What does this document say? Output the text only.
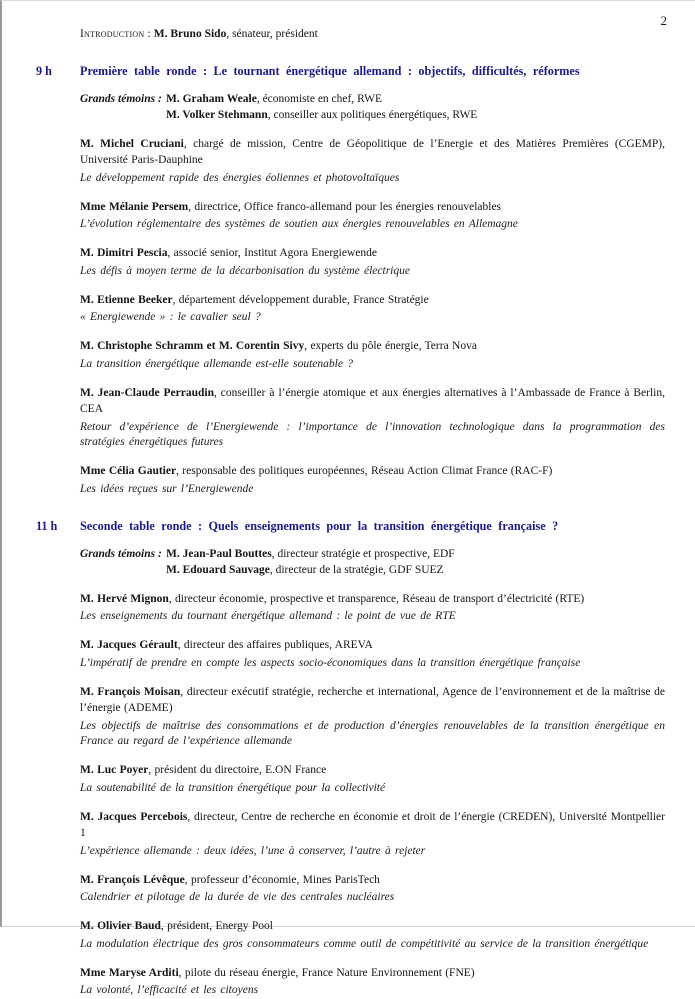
2

Introduction : M. Bruno Sido, sénateur, président

9 h Première table ronde : Le tournant énergétique allemand : objectifs, difficultés, réformes
Grands témoins : M. Graham Weale, économiste en chef, RWE
M. Volker Stehmann, conseiller aux politiques énergétiques, RWE

M. Michel Cruciani, chargé de mission, Centre de Géopolitique de l’Energie et des Matières Premières (CGEMP), Université Paris-Dauphine

Le développement rapide des énergies éoliennes et photovoltaïques

Mme Mélanie Persem, directrice, Office franco-allemand pour les énergies renouvelables

L’évolution réglementaire des systèmes de soutien aux énergies renouvelables en Allemagne

M. Dimitri Pescia, associé senior, Institut Agora Energiewende

Les défis à moyen terme de la décarbonisation du système électrique

M. Etienne Beeker, département développement durable, France Stratégie

« Energiewende » : le cavalier seul ?

M. Christophe Schramm et M. Corentin Sivy, experts du pôle énergie, Terra Nova

La transition énergétique allemande est-elle soutenable ?

M. Jean-Claude Perraudin, conseiller à l’énergie atomique et aux énergies alternatives à l’Ambassade de France à Berlin, CEA

Retour d’expérience de l’Energiewende : l’importance de l’innovation technologique dans la programmation des stratégies énergétiques futures

Mme Célia Gautier, responsable des politiques européennes, Réseau Action Climat France (RAC-F)

Les idées reçues sur l’Energiewende

11 h Seconde table ronde : Quels enseignements pour la transition énergétique française ?
Grands témoins : M. Jean-Paul Bouttes, directeur stratégie et prospective, EDF
M. Edouard Sauvage, directeur de la stratégie, GDF SUEZ

M. Hervé Mignon, directeur économie, prospective et transparence, Réseau de transport d’électricité (RTE)

Les enseignements du tournant énergétique allemand : le point de vue de RTE

M. Jacques Gérault, directeur des affaires publiques, AREVA

L’impératif de prendre en compte les aspects socio-économiques dans la transition énergétique française

M. François Moisan, directeur exécutif stratégie, recherche et international, Agence de l’environnement et de la maîtrise de l’énergie (ADEME)

Les objectifs de maîtrise des consommations et de production d’énergies renouvelables de la transition énergétique en France au regard de l’expérience allemande

M. Luc Poyer, président du directoire, E.ON France

La soutenabilité de la transition énergétique pour la collectivité

M. Jacques Percebois, directeur, Centre de recherche en économie et droit de l’énergie (CREDEN), Université Montpellier 1

L’expérience allemande : deux idées, l’une à conserver, l’autre à rejeter

M. François Lévêque, professeur d’économie, Mines ParisTech

Calendrier et pilotage de la durée de vie des centrales nucléaires

M. Olivier Baud, président, Energy Pool

La modulation électrique des gros consommateurs comme outil de compétitivité au service de la transition énergétique

Mme Maryse Arditi, pilote du réseau énergie, France Nature Environnement (FNE)

La volonté, l’efficacité et les citoyens
